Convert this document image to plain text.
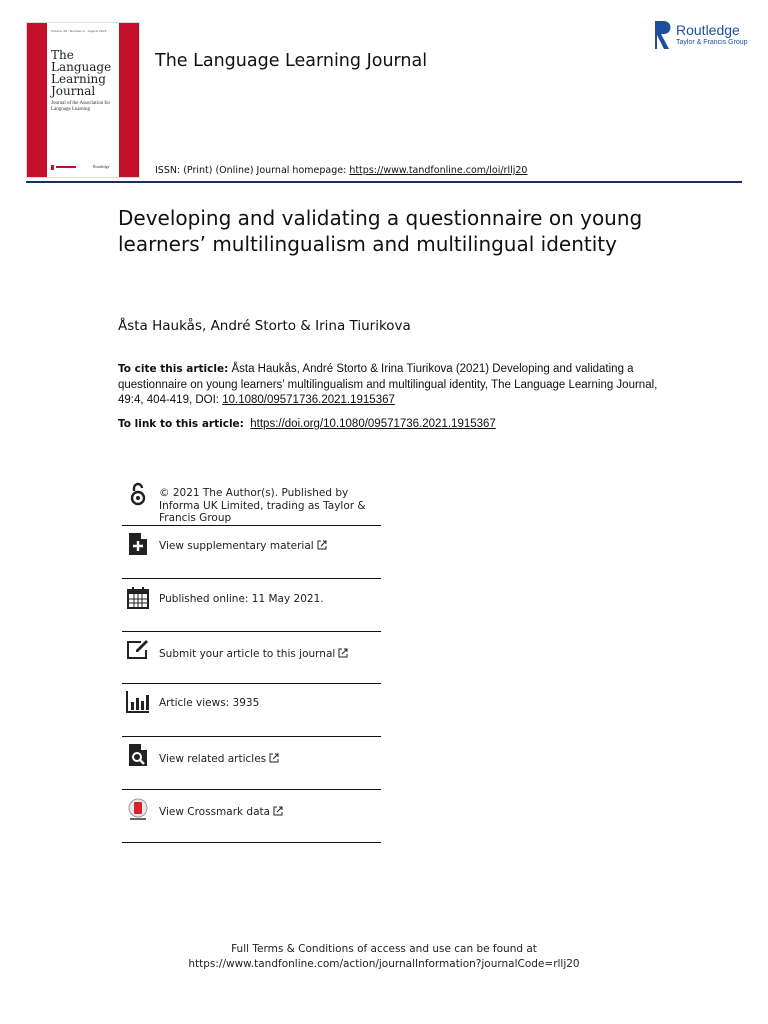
Volume 49 · Number 4 · August 2021
The Language Learning Journal
Journal of the Association for Language Learning
Routledge
The Language Learning Journal
ISSN: (Print) (Online) Journal homepage: https://www.tandfonline.com/loi/rllj20
Routledge
Taylor & Francis Group
Developing and validating a questionnaire on young learners’ multilingualism and multilingual identity
Åsta Haukås, André Storto & Irina Tiurikova
To cite this article: Åsta Haukås, André Storto & Irina Tiurikova (2021) Developing and validating a questionnaire on young learners’ multilingualism and multilingual identity, The Language Learning Journal, 49:4, 404-419, DOI: 10.1080/09571736.2021.1915367
To link to this article: https://doi.org/10.1080/09571736.2021.1915367
© 2021 The Author(s). Published by Informa UK Limited, trading as Taylor & Francis Group
View supplementary material
Published online: 11 May 2021.
Submit your article to this journal
Article views: 3935
View related articles
View Crossmark data
Full Terms & Conditions of access and use can be found at
https://www.tandfonline.com/action/journalInformation?journalCode=rllj20
